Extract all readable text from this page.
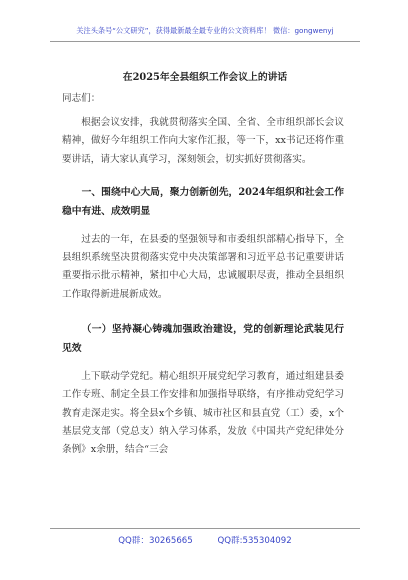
关注头条号“公文研究”，获得最新最全最专业的公文资料库！ 微信：gongwenyj
在2025年全县组织工作会议上的讲话

同志们：

根据会议安排，我就贯彻落实全国、全省、全市组织部长会议精神，做好今年组织工作向大家作汇报，等一下，xx书记还将作重要讲话，请大家认真学习，深刻领会，切实抓好贯彻落实。

一、围绕中心大局，聚力创新创先，2024年组织和社会工作稳中有进、成效明显

过去的一年，在县委的坚强领导和市委组织部精心指导下，全县组织系统坚决贯彻落实党中央决策部署和习近平总书记重要讲话重要指示批示精神，紧扣中心大局，忠诚履职尽责，推动全县组织工作取得新进展新成效。

（一）坚持凝心铸魂加强政治建设，党的创新理论武装见行见效

上下联动学党纪。精心组织开展党纪学习教育，通过组建县委工作专班、制定全县工作安排和加强指导联络，有序推动党纪学习教育走深走实。将全县x个乡镇、城市社区和县直党（工）委，x个基层党支部（党总支）纳入学习体系，发放《中国共产党纪律处分条例》x余册，结合“三会

QQ群：30265665	QQ群:535304092
